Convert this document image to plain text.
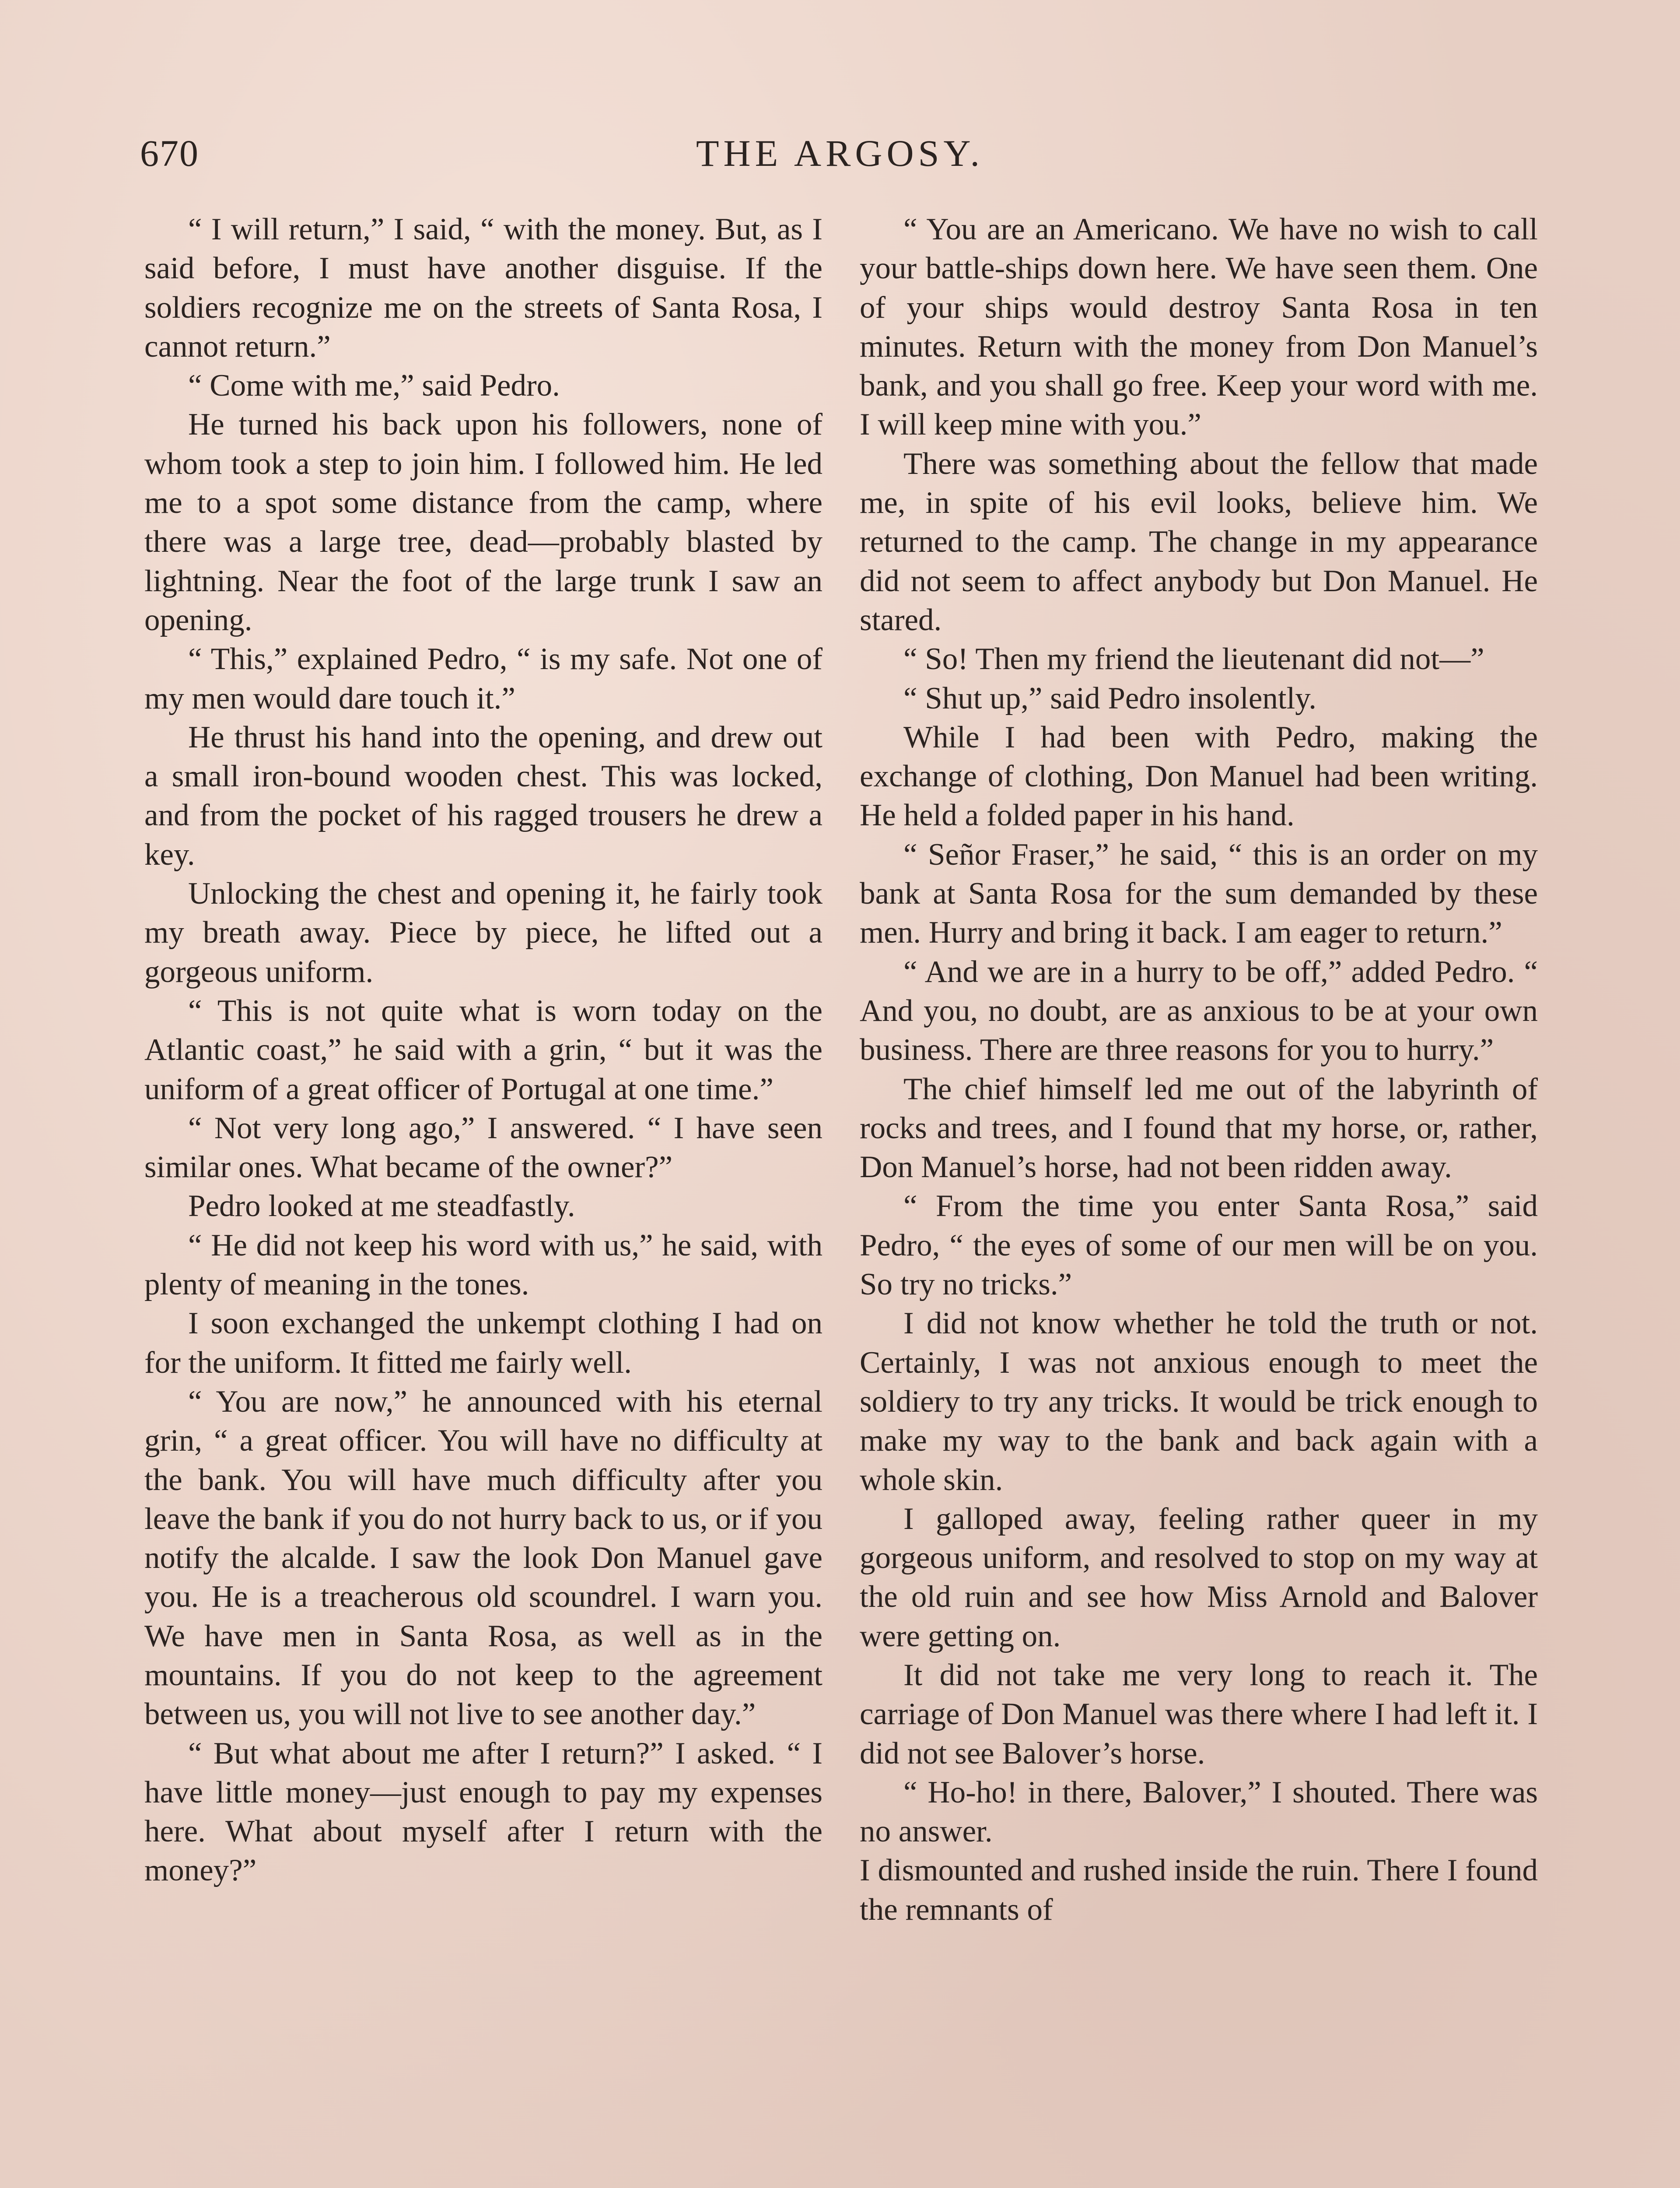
670	THE ARGOSY.

“ I will return,” I said, “ with the money. But, as I said before, I must have another disguise. If the soldiers recognize me on the streets of Santa Rosa, I cannot return.”

“ Come with me,” said Pedro.

He turned his back upon his followers, none of whom took a step to join him. I followed him. He led me to a spot some distance from the camp, where there was a large tree, dead—probably blasted by lightning. Near the foot of the large trunk I saw an opening.

“ This,” explained Pedro, “ is my safe. Not one of my men would dare touch it.”

He thrust his hand into the opening, and drew out a small iron-bound wooden chest. This was locked, and from the pocket of his ragged trousers he drew a key.

Unlocking the chest and opening it, he fairly took my breath away. Piece by piece, he lifted out a gorgeous uniform.

“ This is not quite what is worn today on the Atlantic coast,” he said with a grin, “ but it was the uniform of a great officer of Portugal at one time.”

“ Not very long ago,” I answered. “ I have seen similar ones. What became of the owner?”

Pedro looked at me steadfastly.

“ He did not keep his word with us,” he said, with plenty of meaning in the tones.

I soon exchanged the unkempt clothing I had on for the uniform. It fitted me fairly well.

“ You are now,” he announced with his eternal grin, “ a great officer. You will have no difficulty at the bank. You will have much difficulty after you leave the bank if you do not hurry back to us, or if you notify the alcalde. I saw the look Don Manuel gave you. He is a treacherous old scoundrel. I warn you. We have men in Santa Rosa, as well as in the mountains. If you do not keep to the agreement between us, you will not live to see another day.”

“ But what about me after I return?” I asked. “ I have little money—just enough to pay my expenses here. What about myself after I return with the money?”

“ You are an Americano. We have no wish to call your battle-ships down here. We have seen them. One of your ships would destroy Santa Rosa in ten minutes. Return with the money from Don Manuel’s bank, and you shall go free. Keep your word with me. I will keep mine with you.”

There was something about the fellow that made me, in spite of his evil looks, believe him. We returned to the camp. The change in my appearance did not seem to affect anybody but Don Manuel. He stared.

“ So! Then my friend the lieutenant did not—”

“ Shut up,” said Pedro insolently.

While I had been with Pedro, making the exchange of clothing, Don Manuel had been writing. He held a folded paper in his hand.

“ Señor Fraser,” he said, “ this is an order on my bank at Santa Rosa for the sum demanded by these men. Hurry and bring it back. I am eager to return.”

“ And we are in a hurry to be off,” added Pedro. “ And you, no doubt, are as anxious to be at your own business. There are three reasons for you to hurry.”

The chief himself led me out of the labyrinth of rocks and trees, and I found that my horse, or, rather, Don Manuel’s horse, had not been ridden away.

“ From the time you enter Santa Rosa,” said Pedro, “ the eyes of some of our men will be on you. So try no tricks.”

I did not know whether he told the truth or not. Certainly, I was not anxious enough to meet the soldiery to try any tricks. It would be trick enough to make my way to the bank and back again with a whole skin.

I galloped away, feeling rather queer in my gorgeous uniform, and resolved to stop on my way at the old ruin and see how Miss Arnold and Balover were getting on.

It did not take me very long to reach it. The carriage of Don Manuel was there where I had left it. I did not see Balover’s horse.

“ Ho-ho! in there, Balover,” I shouted. There was no answer.

I dismounted and rushed inside the ruin. There I found the remnants of
